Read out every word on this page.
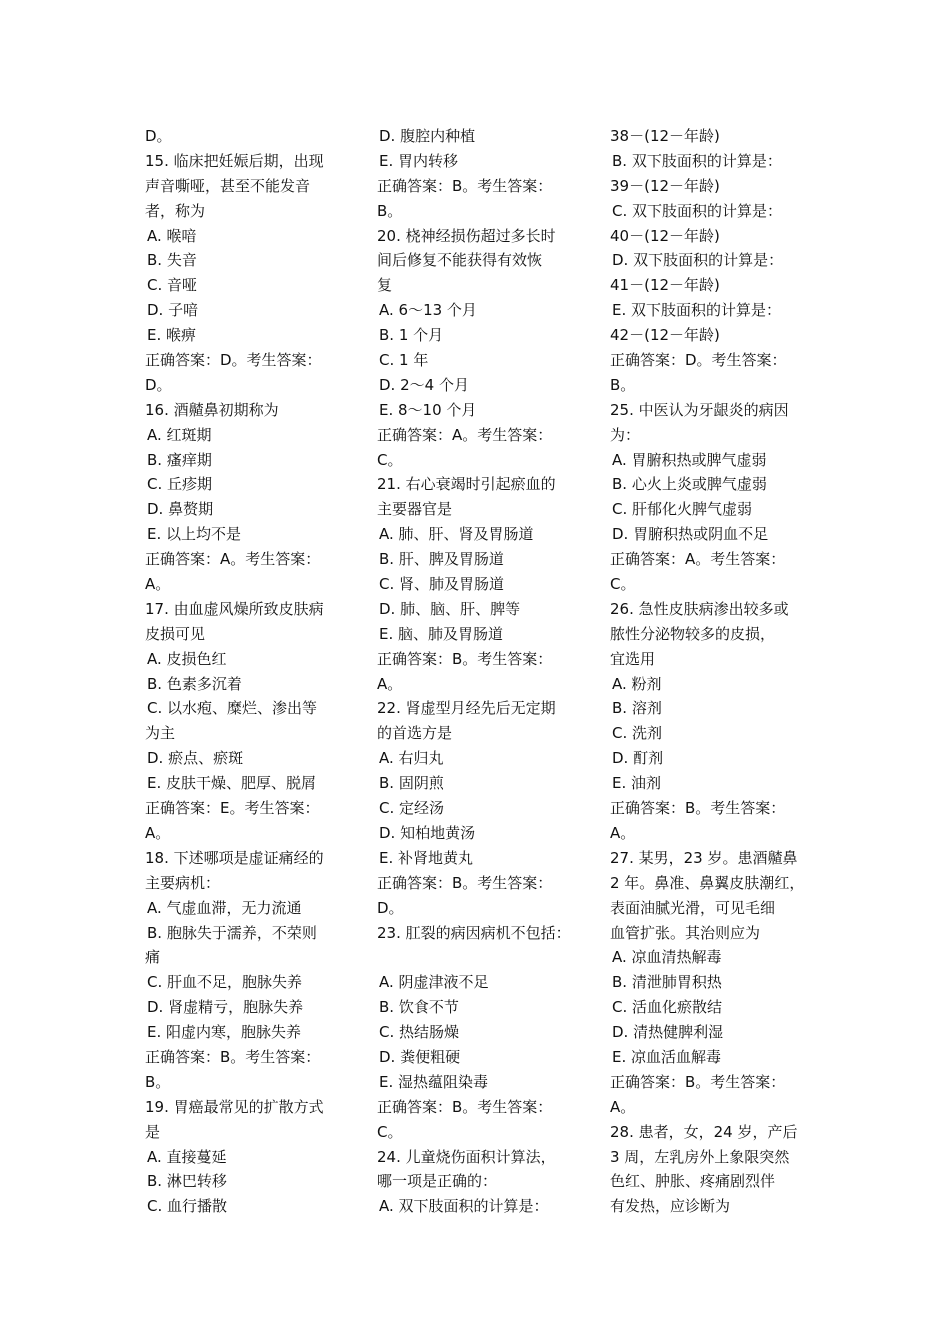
D。
15. 临床把妊娠后期，出现
声音嘶哑，甚至不能发音
者，称为
A. 喉喑
B. 失音
C. 音哑
D. 子喑
E. 喉痹
正确答案：D。考生答案：
D。
16. 酒齄鼻初期称为
A. 红斑期
B. 瘙痒期
C. 丘疹期
D. 鼻赘期
E. 以上均不是
正确答案：A。考生答案：
A。
17. 由血虚风燥所致皮肤病
皮损可见
A. 皮损色红
B. 色素多沉着
C. 以水疱、糜烂、渗出等
为主
D. 瘀点、瘀斑
E. 皮肤干燥、肥厚、脱屑
正确答案：E。考生答案：
A。
18. 下述哪项是虚证痛经的
主要病机：
A. 气虚血滞，无力流通
B. 胞脉失于濡养，不荣则
痛
C. 肝血不足，胞脉失养
D. 肾虚精亏，胞脉失养
E. 阳虚内寒，胞脉失养
正确答案：B。考生答案：
B。
19. 胃癌最常见的扩散方式
是
A. 直接蔓延
B. 淋巴转移
C. 血行播散
D. 腹腔内种植
E. 胃内转移
正确答案：B。考生答案：
B。
20. 桡神经损伤超过多长时
间后修复不能获得有效恢
复
A. 6～13 个月
B. 1 个月
C. 1 年
D. 2～4 个月
E. 8～10 个月
正确答案：A。考生答案：
C。
21. 右心衰竭时引起瘀血的
主要器官是
A. 肺、肝、肾及胃肠道
B. 肝、脾及胃肠道
C. 肾、肺及胃肠道
D. 肺、脑、肝、脾等
E. 脑、肺及胃肠道
正确答案：B。考生答案：
A。
22. 肾虚型月经先后无定期
的首选方是
A. 右归丸
B. 固阴煎
C. 定经汤
D. 知柏地黄汤
E. 补肾地黄丸
正确答案：B。考生答案：
D。
23. 肛裂的病因病机不包括：
A. 阴虚津液不足
B. 饮食不节
C. 热结肠燥
D. 粪便粗硬
E. 湿热蕴阻染毒
正确答案：B。考生答案：
C。
24. 儿童烧伤面积计算法，
哪一项是正确的：
A. 双下肢面积的计算是：
38－(12－年龄)
B. 双下肢面积的计算是：
39－(12－年龄)
C. 双下肢面积的计算是：
40－(12－年龄)
D. 双下肢面积的计算是：
41－(12－年龄)
E. 双下肢面积的计算是：
42－(12－年龄)
正确答案：D。考生答案：
B。
25. 中医认为牙龈炎的病因
为：
A. 胃腑积热或脾气虚弱
B. 心火上炎或脾气虚弱
C. 肝郁化火脾气虚弱
D. 胃腑积热或阴血不足
正确答案：A。考生答案：
C。
26. 急性皮肤病渗出较多或
脓性分泌物较多的皮损，
宜选用
A. 粉剂
B. 溶剂
C. 洗剂
D. 酊剂
E. 油剂
正确答案：B。考生答案：
A。
27. 某男，23 岁。患酒齄鼻
2 年。鼻准、鼻翼皮肤潮红，
表面油腻光滑，可见毛细
血管扩张。其治则应为
A. 凉血清热解毒
B. 清泄肺胃积热
C. 活血化瘀散结
D. 清热健脾利湿
E. 凉血活血解毒
正确答案：B。考生答案：
A。
28. 患者，女，24 岁，产后
3 周，左乳房外上象限突然
色红、肿胀、疼痛剧烈伴
有发热，应诊断为
